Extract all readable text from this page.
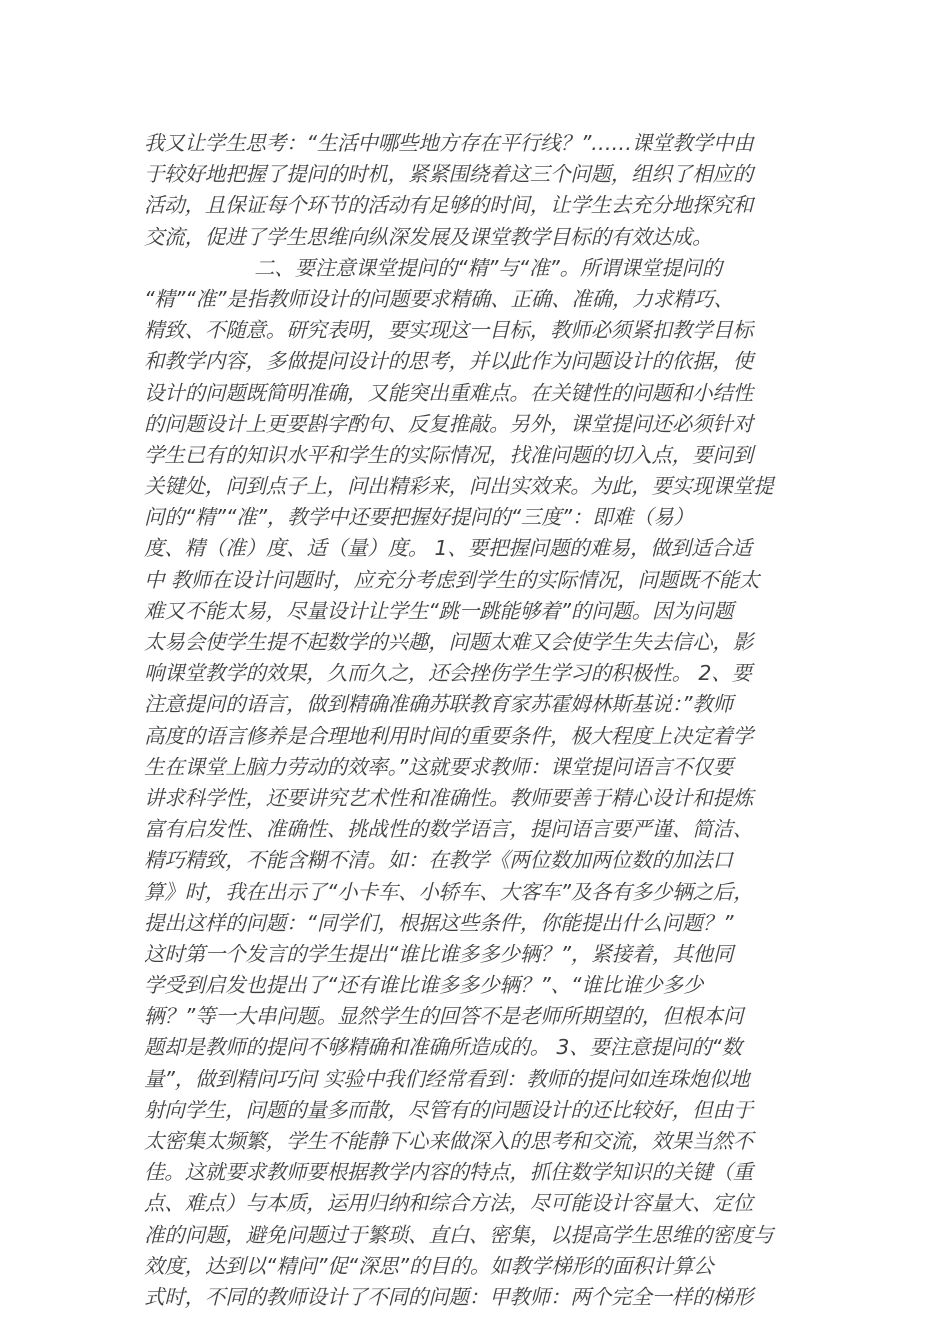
我又让学生思考：“生活中哪些地方存在平行线？”……课堂教学中由
于较好地把握了提问的时机，紧紧围绕着这三个问题，组织了相应的
活动，且保证每个环节的活动有足够的时间，让学生去充分地探究和
交流，促进了学生思维向纵深发展及课堂教学目标的有效达成。
二、要注意课堂提问的“精”与“准”。所谓课堂提问的
“精”“准”是指教师设计的问题要求精确、正确、准确，力求精巧、
精致、不随意。研究表明，要实现这一目标，教师必须紧扣教学目标
和教学内容，多做提问设计的思考，并以此作为问题设计的依据，使
设计的问题既简明准确，又能突出重难点。在关键性的问题和小结性
的问题设计上更要斟字酌句、反复推敲。另外，课堂提问还必须针对
学生已有的知识水平和学生的实际情况，找准问题的切入点，要问到
关键处，问到点子上，问出精彩来，问出实效来。为此，要实现课堂提
问的“精”“准”，教学中还要把握好提问的“三度”：即难（易）
度、精（准）度、适（量）度。 1、要把握问题的难易，做到适合适
中 教师在设计问题时，应充分考虑到学生的实际情况，问题既不能太
难又不能太易，尽量设计让学生“跳一跳能够着”的问题。因为问题
太易会使学生提不起数学的兴趣，问题太难又会使学生失去信心，影
响课堂教学的效果，久而久之，还会挫伤学生学习的积极性。 2、要
注意提问的语言，做到精确准确苏联教育家苏霍姆林斯基说：”教师
高度的语言修养是合理地利用时间的重要条件，极大程度上决定着学
生在课堂上脑力劳动的效率。”这就要求教师：课堂提问语言不仅要
讲求科学性，还要讲究艺术性和准确性。教师要善于精心设计和提炼
富有启发性、准确性、挑战性的数学语言，提问语言要严谨、简洁、
精巧精致，不能含糊不清。如：在教学《两位数加两位数的加法口
算》时，我在出示了“小卡车、小轿车、大客车”及各有多少辆之后，
提出这样的问题：“同学们，根据这些条件，你能提出什么问题？”
这时第一个发言的学生提出“谁比谁多多少辆？”，紧接着，其他同
学受到启发也提出了“还有谁比谁多多少辆？”、“谁比谁少多少
辆？”等一大串问题。显然学生的回答不是老师所期望的，但根本问
题却是教师的提问不够精确和准确所造成的。 3、要注意提问的“数
量”，做到精问巧问 实验中我们经常看到：教师的提问如连珠炮似地
射向学生，问题的量多而散，尽管有的问题设计的还比较好，但由于
太密集太频繁，学生不能静下心来做深入的思考和交流，效果当然不
佳。这就要求教师要根据教学内容的特点，抓住数学知识的关键（重
点、难点）与本质，运用归纳和综合方法，尽可能设计容量大、定位
准的问题，避免问题过于繁琐、直白、密集，以提高学生思维的密度与
效度，达到以“精问”促“深思”的目的。如教学梯形的面积计算公
式时，不同的教师设计了不同的问题：甲教师：两个完全一样的梯形
